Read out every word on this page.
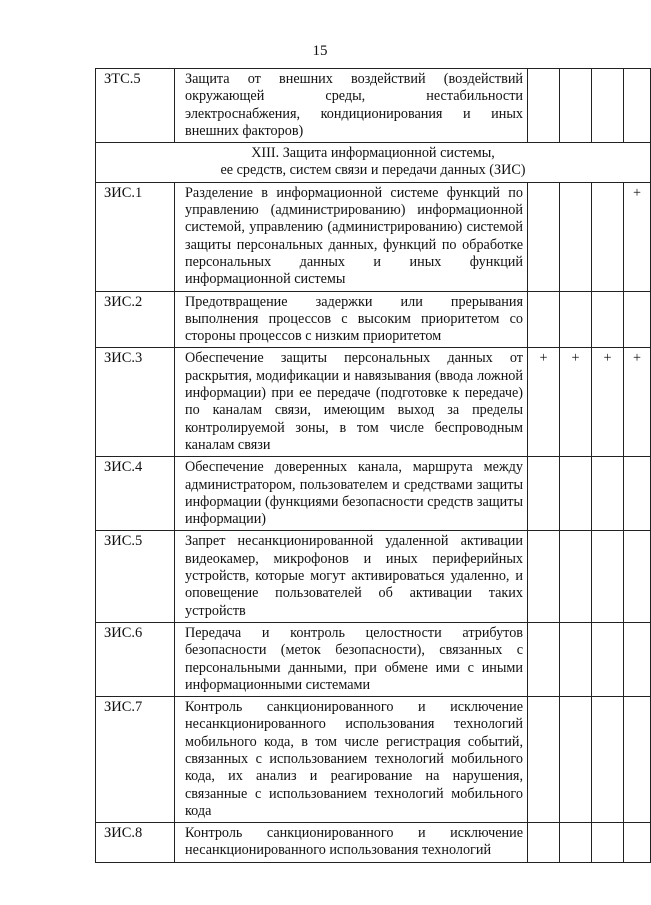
15
ЗТС.5	Защита от внешних воздействий (воздействий окружающей среды, нестабильности электроснабжения, кондиционирования и иных внешних факторов)				
XIII. Защита информационной системы,
ее средств, систем связи и передачи данных (ЗИС)					
ЗИС.1	Разделение в информационной системе функций по управлению (администрированию) информационной системой, управлению (администрированию) системой защиты персональных данных, функций по обработке персональных данных и иных функций информационной системы				+
ЗИС.2	Предотвращение задержки или прерывания выполнения процессов с высоким приоритетом со стороны процессов с низким приоритетом				
ЗИС.3	Обеспечение защиты персональных данных от раскрытия, модификации и навязывания (ввода ложной информации) при ее передаче (подготовке к передаче) по каналам связи, имеющим выход за пределы контролируемой зоны, в том числе беспроводным каналам связи	+	+	+	+
ЗИС.4	Обеспечение доверенных канала, маршрута между администратором, пользователем и средствами защиты информации (функциями безопасности средств защиты информации)				
ЗИС.5	Запрет несанкционированной удаленной активации видеокамер, микрофонов и иных периферийных устройств, которые могут активироваться удаленно, и оповещение пользователей об активации таких устройств				
ЗИС.6	Передача и контроль целостности атрибутов безопасности (меток безопасности), связанных с персональными данными, при обмене ими с иными информационными системами				
ЗИС.7	Контроль санкционированного и исключение несанкционированного использования технологий мобильного кода, в том числе регистрация событий, связанных с использованием технологий мобильного кода, их анализ и реагирование на нарушения, связанные с использованием технологий мобильного кода				
ЗИС.8	Контроль санкционированного и исключение несанкционированного использования технологий				
